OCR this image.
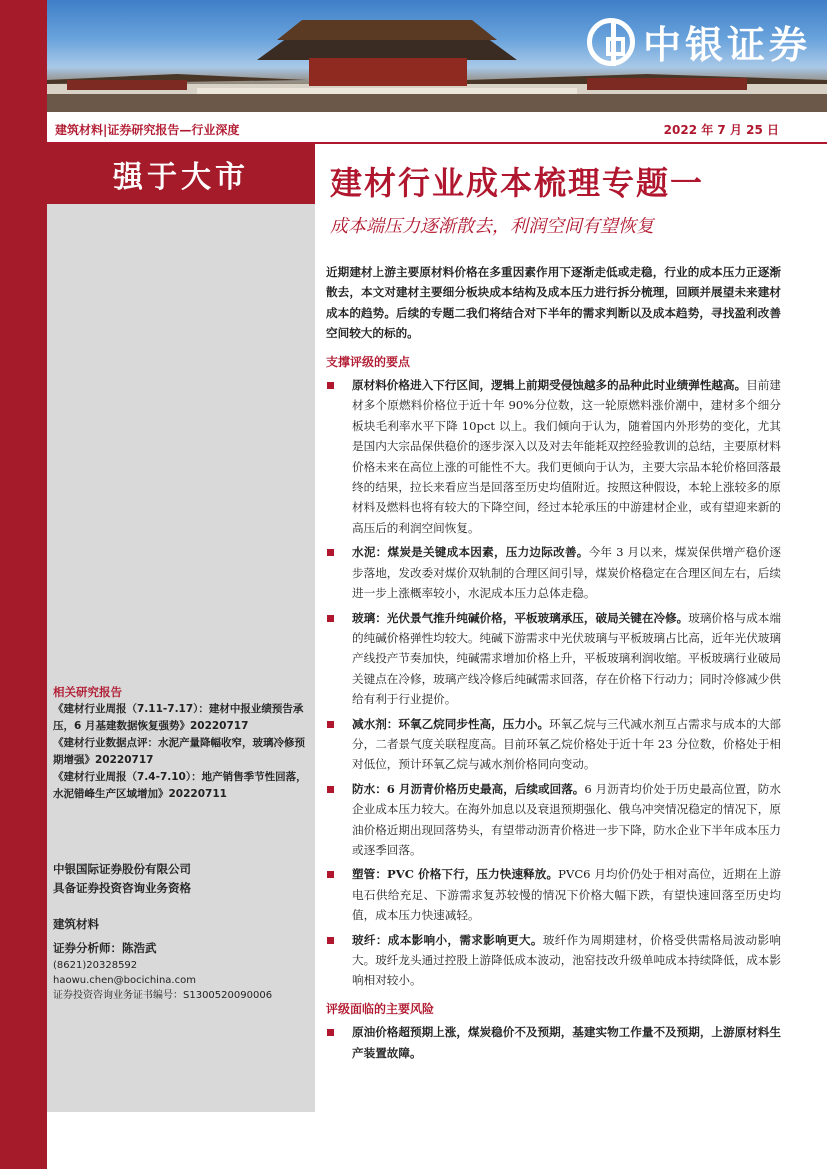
中银证券
建筑材料|证券研究报告—行业深度	2022 年 7 月 25 日
强于大市
相关研究报告
《建材行业周报（7.11-7.17）：建材中报业绩预告承压，6 月基建数据恢复强势》20220717
《建材行业数据点评：水泥产量降幅收窄，玻璃冷修预期增强》20220717
《建材行业周报（7.4-7.10）：地产销售季节性回落，水泥错峰生产区域增加》20220711
中银国际证券股份有限公司
具备证券投资咨询业务资格
建筑材料
证券分析师：陈浩武
(8621)20328592
haowu.chen@bocichina.com
证券投资咨询业务证书编号：S1300520090006
建材行业成本梳理专题一
成本端压力逐渐散去，利润空间有望恢复

近期建材上游主要原材料价格在多重因素作用下逐渐走低或走稳，行业的成本压力正逐渐散去，本文对建材主要细分板块成本结构及成本压力进行拆分梳理，回顾并展望未来建材成本的趋势。后续的专题二我们将结合对下半年的需求判断以及成本趋势，寻找盈利改善空间较大的标的。

支撑评级的要点
原材料价格进入下行区间，逻辑上前期受侵蚀越多的品种此时业绩弹性越高。目前建材多个原燃料价格位于近十年 90%分位数，这一轮原燃料涨价潮中，建材多个细分板块毛利率水平下降 10pct 以上。我们倾向于认为，随着国内外形势的变化，尤其是国内大宗品保供稳价的逐步深入以及对去年能耗双控经验教训的总结，主要原材料价格未来在高位上涨的可能性不大。我们更倾向于认为，主要大宗品本轮价格回落最终的结果，拉长来看应当是回落至历史均值附近。按照这种假设，本轮上涨较多的原材料及燃料也将有较大的下降空间，经过本轮承压的中游建材企业，或有望迎来新的高压后的利润空间恢复。
水泥：煤炭是关键成本因素，压力边际改善。今年 3 月以来，煤炭保供增产稳价逐步落地，发改委对煤价双轨制的合理区间引导，煤炭价格稳定在合理区间左右，后续进一步上涨概率较小，水泥成本压力总体走稳。
玻璃：光伏景气推升纯碱价格，平板玻璃承压，破局关键在冷修。玻璃价格与成本端的纯碱价格弹性均较大。纯碱下游需求中光伏玻璃与平板玻璃占比高，近年光伏玻璃产线投产节奏加快，纯碱需求增加价格上升，平板玻璃利润收缩。平板玻璃行业破局关键点在冷修，玻璃产线冷修后纯碱需求回落，存在价格下行动力；同时冷修减少供给有利于行业提价。
减水剂：环氧乙烷同步性高，压力小。环氧乙烷与三代减水剂互占需求与成本的大部分，二者景气度关联程度高。目前环氧乙烷价格处于近十年 23 分位数，价格处于相对低位，预计环氧乙烷与减水剂价格同向变动。
防水：6 月沥青价格历史最高，后续或回落。6 月沥青均价处于历史最高位置，防水企业成本压力较大。在海外加息以及衰退预期强化、俄乌冲突情况稳定的情况下，原油价格近期出现回落势头，有望带动沥青价格进一步下降，防水企业下半年成本压力或逐季回落。
塑管：PVC 价格下行，压力快速释放。PVC6 月均价仍处于相对高位，近期在上游电石供给充足、下游需求复苏较慢的情况下价格大幅下跌，有望快速回落至历史均值，成本压力快速减轻。
玻纤：成本影响小，需求影响更大。玻纤作为周期建材，价格受供需格局波动影响大。玻纤龙头通过控股上游降低成本波动，池窑技改升级单吨成本持续降低，成本影响相对较小。
评级面临的主要风险
原油价格超预期上涨，煤炭稳价不及预期，基建实物工作量不及预期，上游原材料生产装置故障。
